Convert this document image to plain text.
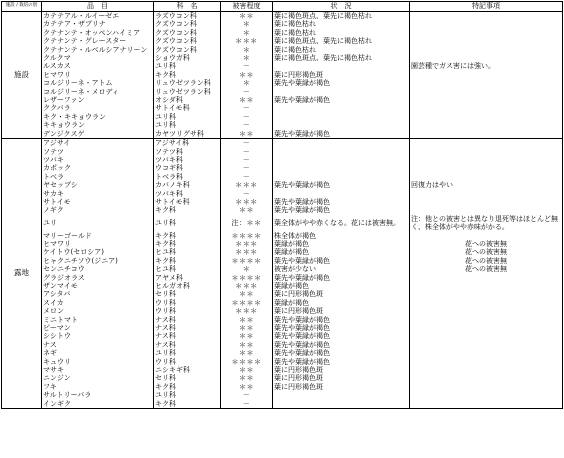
施設 / 栽培の別	品　目	科　名	被害程度	状　況	特記事項
施設	カテテアル・ルイーゼエ	ラズウコン科	＊＊	葉に褐色斑点、葉先に褐色枯れ	
	カテテア・ザブリナ	クズウコン科	＊	葉に褐色枯れ	
	クテナンテ・オッペンハイミア	クズウコン科	＊	葉に褐色枯れ	
	クテナンテ・グレースター	クズウコン科	＊＊＊	葉に褐色斑点、葉先に褐色枯れ	
	クテナンテ・ルベルシアナリーン	クズウコン科	＊	葉に褐色枯れ	
	クルクマ	ショウガ科	＊	葉に褐色斑点、葉先に褐色枯れ	
	ルスカス	ユリ科	－		園芸種でガス害には強い。
	ヒマワリ	キク科	＊＊	葉に円形褐色斑	
	コルジリーネ・アトム	リュウゼツラン科	＊	葉先や葉縁が褐色	
	コルジリーネ・メロディ	リュウゼツラン科	－		
	レザーファン	オシダ科	＊＊	葉先や葉縁が褐色	
	ククバラ	サトイモ科	－		
	キク・キキョウラン	ユリ科	－		
	キキョウラン	ユリ科	－		
	デンジクスゲ	カヤツリグサ科	＊＊	葉先や葉縁が褐色	
露地	アジサイ	アジサイ科	－		
	ソテツ	ソテツ科	－		
	ツバキ	ツバキ科	－		
	カポック	ウコギ科	－		
	トベラ	トベラ科	－		
	ヤセッブシ	カバノキ科	＊＊＊	葉先や葉縁が褐色	回復力はやい
	サカキ	ツバキ科	－		
	サトイモ	サトイモ科	＊＊＊	葉先や葉縁が褐色	
	ノギク	キク科	＊＊	葉先や葉縁が褐色	
	ユリ	ユリ科	注：＊＊	葉全体がやや赤くなる。花には被害無。	注：他との被害とは異なり退死等はほとんど無く、株全体がやや赤味がかる。
	マリーゴールド	キク科	＊＊＊＊	株全体が褐色	
	ヒマワリ	キク科	＊＊＊	葉縁が褐色	花への被害無
	ケイトウ(セロシア)	ヒユ科	＊＊＊	葉縁が褐色	花への被害無
	ヒャクニチソウ(ジニア)	キク科	＊＊＊＊	葉先や葉縁が褐色	花への被害無
	センニチコウ	ヒユ科	＊	被害が少ない	花への被害無
	グラジオラス	アヤメ科	＊＊＊＊	葉先や葉縁が褐色	
	ザンマイモ	ヒルガオ科	＊＊＊	葉縁が褐色	
	アシタバ	セリ科	＊＊	葉に円形褐色斑	
	スイカ	ウリ科	＊＊＊＊	葉縁が褐色	
	メロン	ウリ科	＊＊＊	葉に円形褐色斑	
	ミニトマト	ナス科	＊＊	葉先や葉縁が褐色	
	ピーマン	ナス科	＊＊	葉先や葉縁が褐色	
	シシトウ	ナス科	＊＊	葉先や葉縁が褐色	
	ナス	ナス科	＊＊	葉先や葉縁が褐色	
	ネギ	ユリ科	＊＊	葉先や葉縁が褐色	
	キュウリ	ウリ科	＊＊＊＊	葉先や葉縁が褐色	
	マサキ	ニシキギ科	＊＊	葉に円形褐色斑	
	ニンジン	セリ科	＊＊	葉に円形褐色斑	
	フキ	キク科	＊＊	葉に円形褐色斑	
	サルトリーバラ	ユリ科	－		
	インギク	キク科	－		
